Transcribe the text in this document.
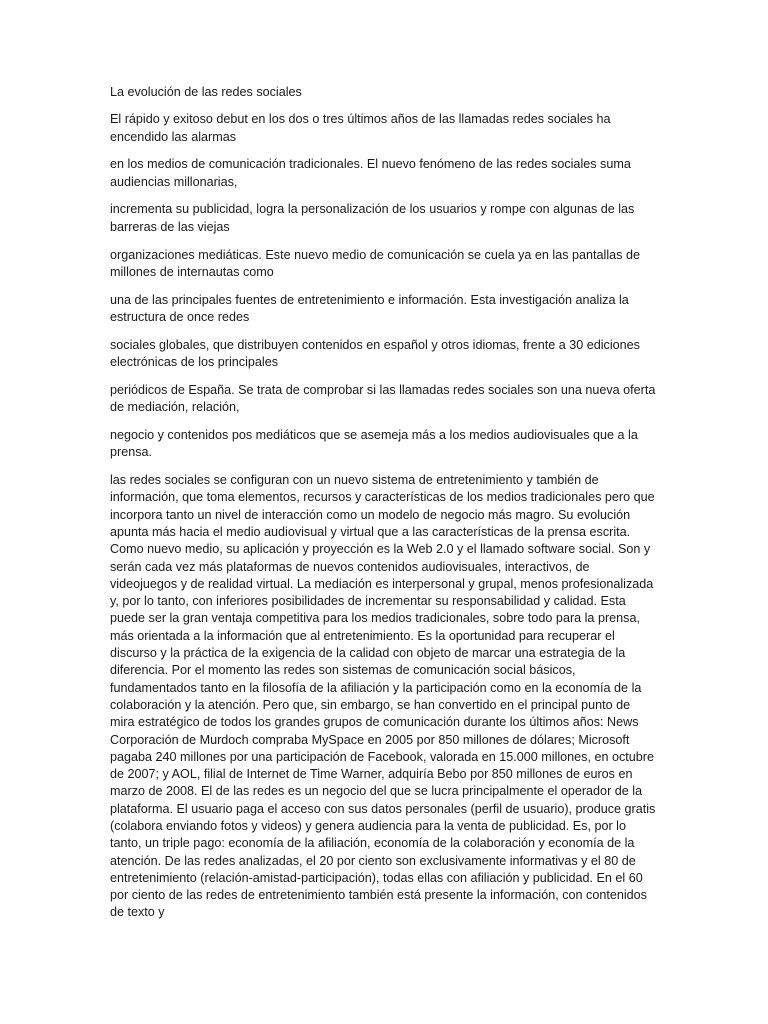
La evolución de las redes sociales

El rápido y exitoso debut en los dos o tres últimos años de las llamadas redes sociales ha encendido las alarmas

en los medios de comunicación tradicionales. El nuevo fenómeno de las redes sociales suma audiencias millonarias,

incrementa su publicidad, logra la personalización de los usuarios y rompe con algunas de las barreras de las viejas

organizaciones mediáticas. Este nuevo medio de comunicación se cuela ya en las pantallas de millones de internautas como

una de las principales fuentes de entretenimiento e información. Esta investigación analiza la estructura de once redes

sociales globales, que distribuyen contenidos en español y otros idiomas, frente a 30 ediciones electrónicas de los principales

periódicos de España. Se trata de comprobar si las llamadas redes sociales son una nueva oferta de mediación, relación,

negocio y contenidos pos mediáticos que se asemeja más a los medios audiovisuales que a la prensa.

las redes sociales se configuran con un nuevo sistema de entretenimiento y también de información, que toma elementos, recursos y características de los medios tradicionales pero que incorpora tanto un nivel de interacción como un modelo de negocio más magro. Su evolución apunta más hacia el medio audiovisual y virtual que a las características de la prensa escrita. Como nuevo medio, su aplicación y proyección es la Web 2.0 y el llamado software social. Son y serán cada vez más plataformas de nuevos contenidos audiovisuales, interactivos, de videojuegos y de realidad virtual. La mediación es interpersonal y grupal, menos profesionalizada y, por lo tanto, con inferiores posibilidades de incrementar su responsabilidad y calidad. Esta puede ser la gran ventaja competitiva para los medios tradicionales, sobre todo para la prensa, más orientada a la información que al entretenimiento. Es la oportunidad para recuperar el discurso y la práctica de la exigencia de la calidad con objeto de marcar una estrategia de la diferencia. Por el momento las redes son sistemas de comunicación social básicos, fundamentados tanto en la filosofía de la afiliación y la participación como en la economía de la colaboración y la atención. Pero que, sin embargo, se han convertido en el principal punto de mira estratégico de todos los grandes grupos de comunicación durante los últimos años: News Corporación de Murdoch compraba MySpace en 2005 por 850 millones de dólares; Microsoft pagaba 240 millones por una participación de Facebook, valorada en 15.000 millones, en octubre de 2007; y AOL, filial de Internet de Time Warner, adquiría Bebo por 850 millones de euros en marzo de 2008. El de las redes es un negocio del que se lucra principalmente el operador de la plataforma. El usuario paga el acceso con sus datos personales (perfil de usuario), produce gratis (colabora enviando fotos y videos) y genera audiencia para la venta de publicidad. Es, por lo tanto, un triple pago: economía de la afiliación, economía de la colaboración y economía de la atención. De las redes analizadas, el 20 por ciento son exclusivamente informativas y el 80 de entretenimiento (relación-amistad-participación), todas ellas con afiliación y publicidad. En el 60 por ciento de las redes de entretenimiento también está presente la información, con contenidos de texto y
